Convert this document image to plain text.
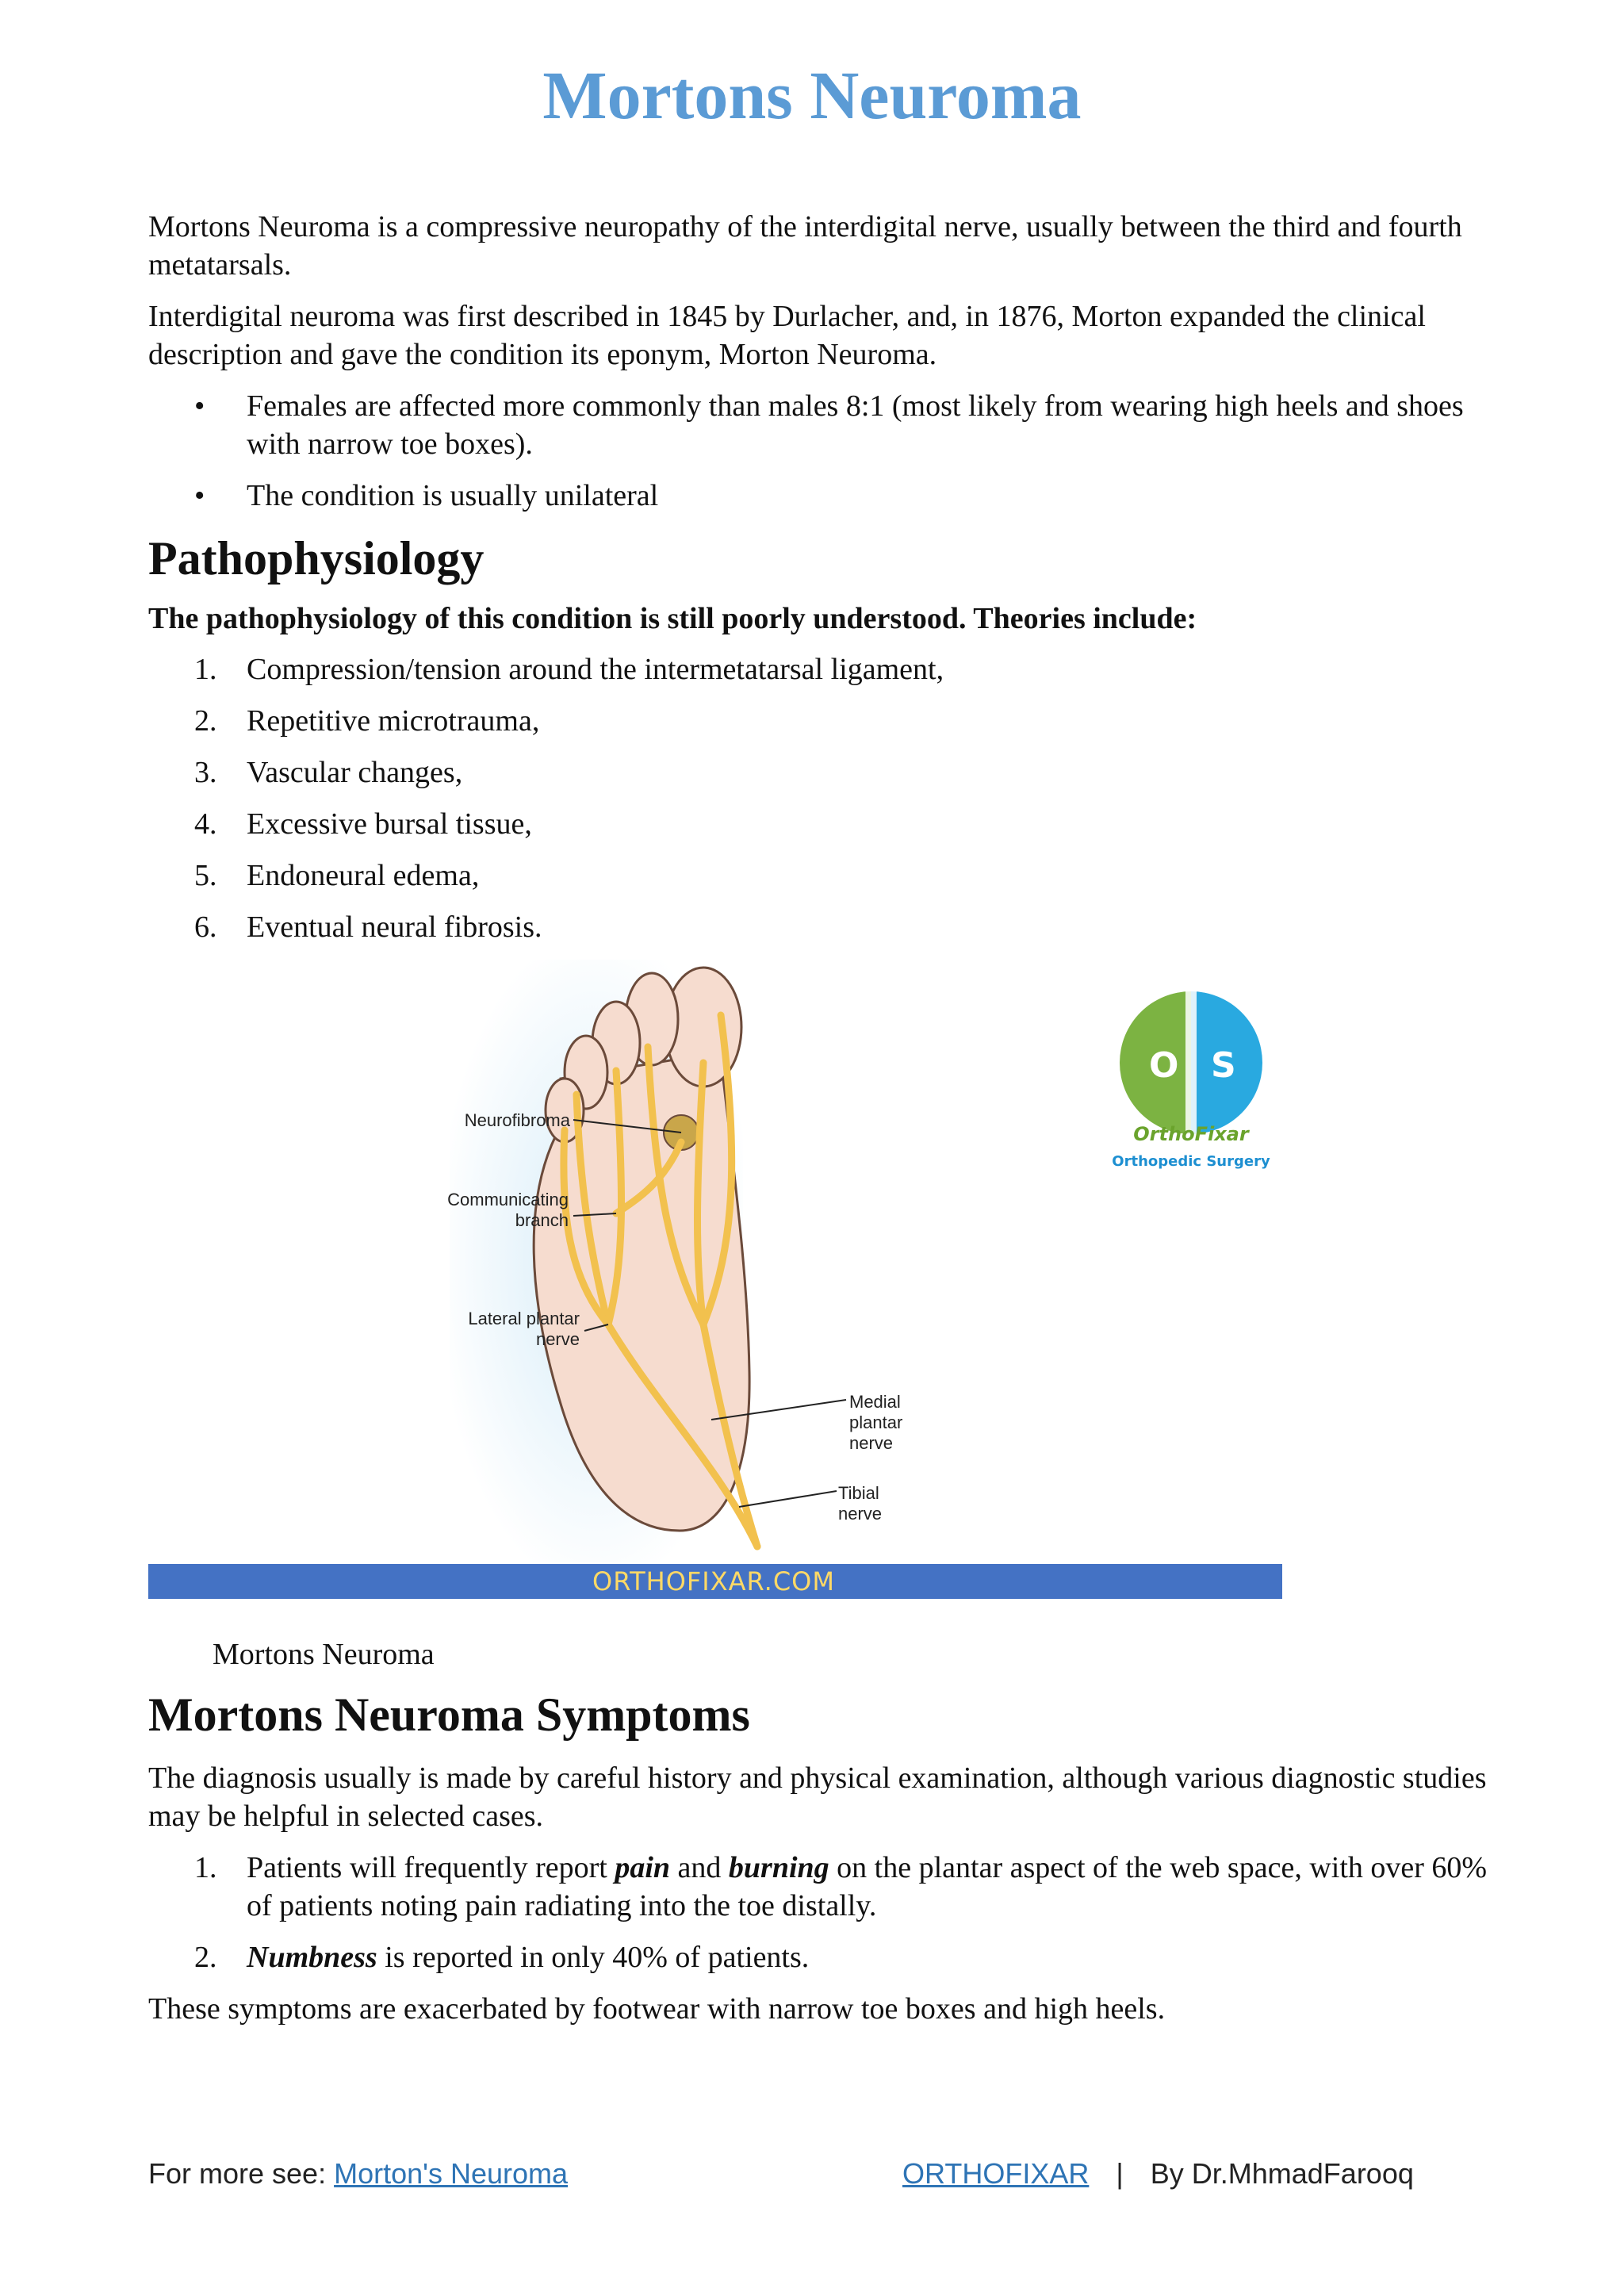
Mortons Neuroma

Mortons Neuroma is a compressive neuropathy of the interdigital nerve, usually between the third and fourth metatarsals.

Interdigital neuroma was first described in 1845 by Durlacher, and, in 1876, Morton expanded the clinical description and gave the condition its eponym, Morton Neuroma.

• Females are affected more commonly than males 8:1 (most likely from wearing high heels and shoes with narrow toe boxes).
• The condition is usually unilateral
Pathophysiology
The pathophysiology of this condition is still poorly understood. Theories include:
1. Compression/tension around the intermetatarsal ligament,
2. Repetitive microtrauma,
3. Vascular changes,
4. Excessive bursal tissue,
5. Endoneural edema,
6. Eventual neural fibrosis.
Neurofibroma
Communicating
branch
Lateral plantar
nerve
Medial
plantar
nerve
Tibial
nerve
O S
OrthoFixar
Orthopedic Surgery
ORTHOFIXAR.COM
Mortons Neuroma
Mortons Neuroma Symptoms

The diagnosis usually is made by careful history and physical examination, although various diagnostic studies may be helpful in selected cases.

1. Patients will frequently report pain and burning on the plantar aspect of the web space, with over 60% of patients noting pain radiating into the toe distally.
2. Numbness is reported in only 40% of patients.

These symptoms are exacerbated by footwear with narrow toe boxes and high heels.

For more see: Morton's Neuroma	ORTHOFIXAR | By Dr.MhmadFarooq
